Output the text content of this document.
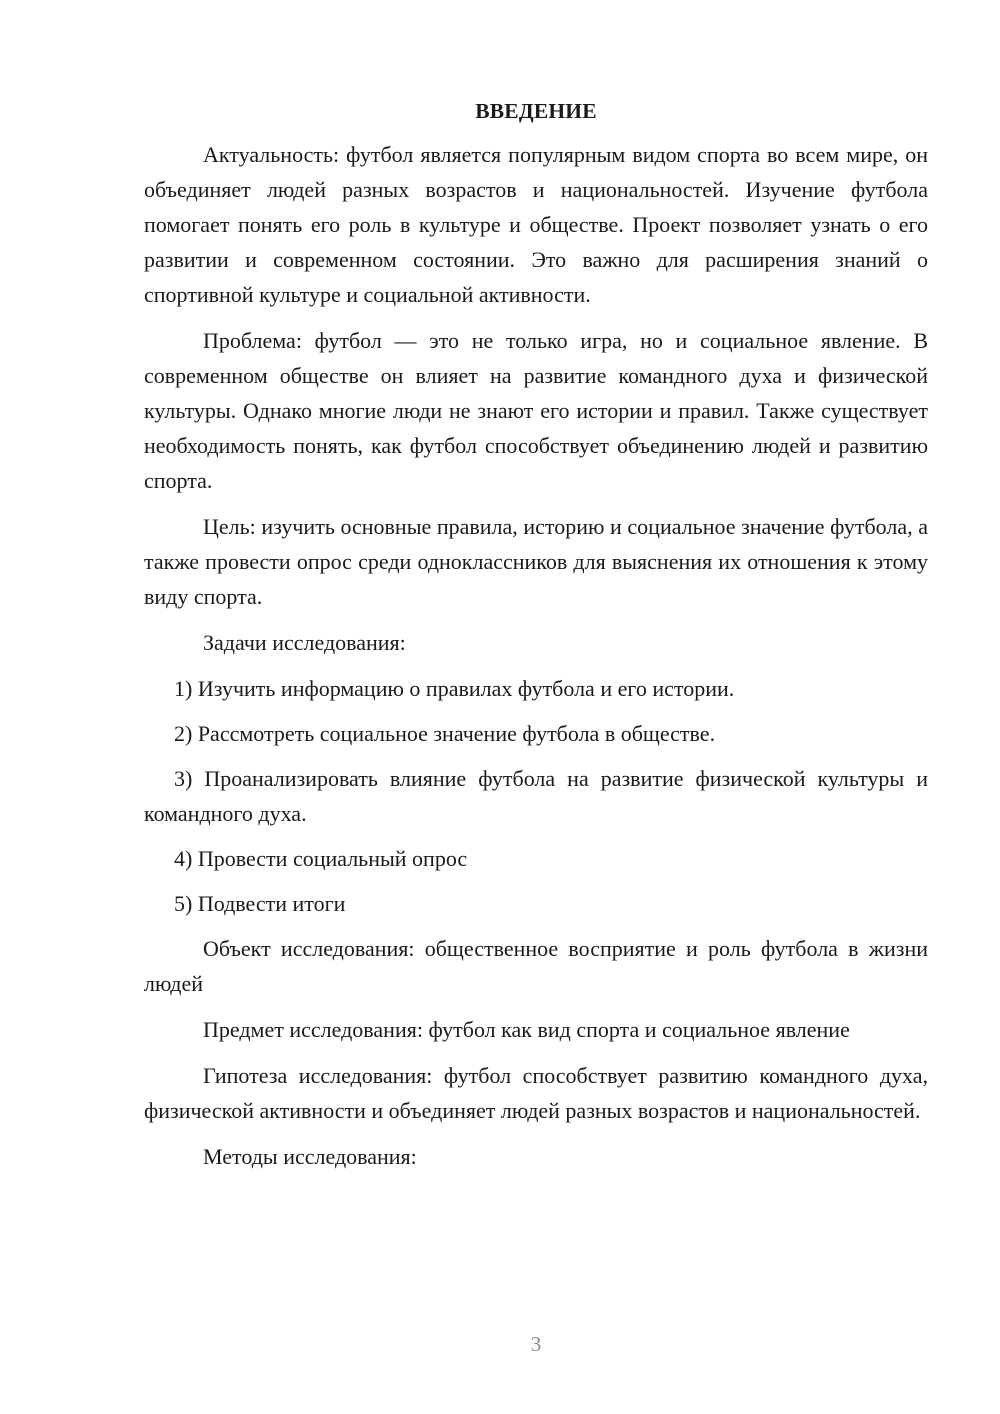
ВВЕДЕНИЕ

Актуальность: футбол является популярным видом спорта во всем мире, он объединяет людей разных возрастов и национальностей. Изучение футбола помогает понять его роль в культуре и обществе. Проект позволяет узнать о его развитии и современном состоянии. Это важно для расширения знаний о спортивной культуре и социальной активности.

Проблема: футбол — это не только игра, но и социальное явление. В современном обществе он влияет на развитие командного духа и физической культуры. Однако многие люди не знают его истории и правил. Также существует необходимость понять, как футбол способствует объединению людей и развитию спорта.

Цель: изучить основные правила, историю и социальное значение футбола, а также провести опрос среди одноклассников для выяснения их отношения к этому виду спорта.

Задачи исследования:

1) Изучить информацию о правилах футбола и его истории.

2) Рассмотреть социальное значение футбола в обществе.

3) Проанализировать влияние футбола на развитие физической культуры и командного духа.

4) Провести социальный опрос

5) Подвести итоги

Объект исследования: общественное восприятие и роль футбола в жизни людей

Предмет исследования: футбол как вид спорта и социальное явление

Гипотеза исследования: футбол способствует развитию командного духа, физической активности и объединяет людей разных возрастов и национальностей.

Методы исследования:

3
